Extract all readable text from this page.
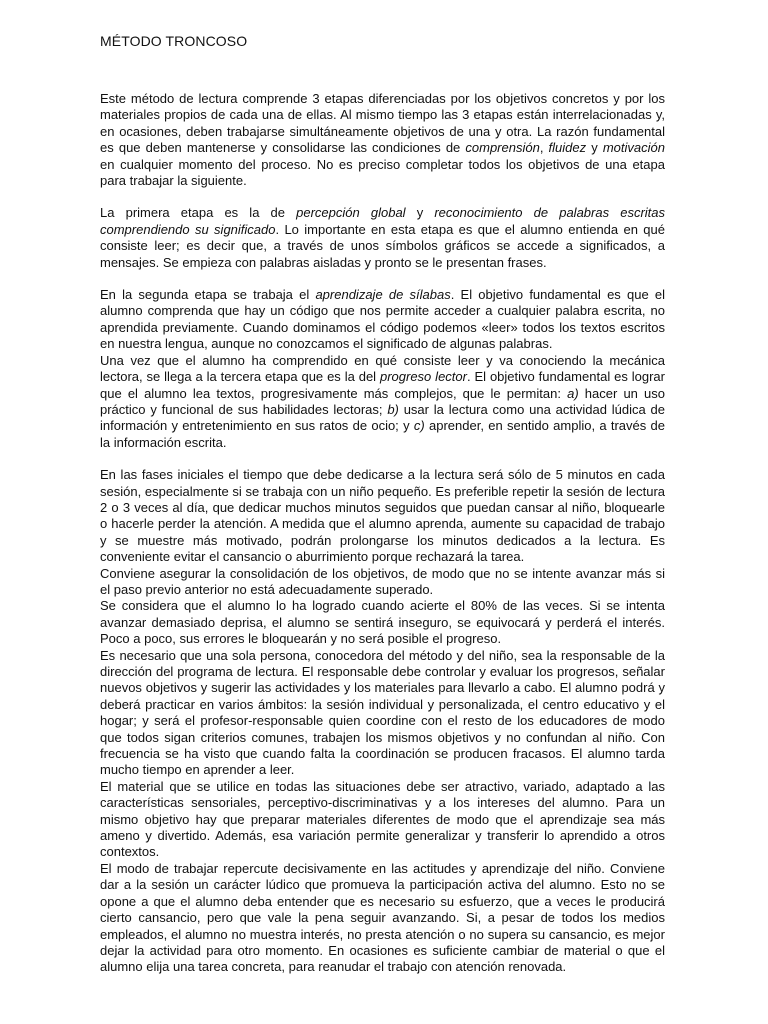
MÉTODO TRONCOSO

Este método de lectura comprende 3 etapas diferenciadas por los objetivos concretos y por los materiales propios de cada una de ellas. Al mismo tiempo las 3 etapas están interrelacionadas y, en ocasiones, deben trabajarse simultáneamente objetivos de una y otra. La razón fundamental es que deben mantenerse y consolidarse las condiciones de comprensión, fluidez y motivación en cualquier momento del proceso. No es preciso completar todos los objetivos de una etapa para trabajar la siguiente.

La primera etapa es la de percepción global y reconocimiento de palabras escritas comprendiendo su significado. Lo importante en esta etapa es que el alumno entienda en qué consiste leer; es decir que, a través de unos símbolos gráficos se accede a significados, a mensajes. Se empieza con palabras aisladas y pronto se le presentan frases.

En la segunda etapa se trabaja el aprendizaje de sílabas. El objetivo fundamental es que el alumno comprenda que hay un código que nos permite acceder a cualquier palabra escrita, no aprendida previamente. Cuando dominamos el código podemos «leer» todos los textos escritos en nuestra lengua, aunque no conozcamos el significado de algunas palabras.

Una vez que el alumno ha comprendido en qué consiste leer y va conociendo la mecánica lectora, se llega a la tercera etapa que es la del progreso lector. El objetivo fundamental es lograr que el alumno lea textos, progresivamente más complejos, que le permitan: a) hacer un uso práctico y funcional de sus habilidades lectoras; b) usar la lectura como una actividad lúdica de información y entretenimiento en sus ratos de ocio; y c) aprender, en sentido amplio, a través de la información escrita.

En las fases iniciales el tiempo que debe dedicarse a la lectura será sólo de 5 minutos en cada sesión, especialmente si se trabaja con un niño pequeño. Es preferible repetir la sesión de lectura 2 o 3 veces al día, que dedicar muchos minutos seguidos que puedan cansar al niño, bloquearle o hacerle perder la atención. A medida que el alumno aprenda, aumente su capacidad de trabajo y se muestre más motivado, podrán prolongarse los minutos dedicados a la lectura. Es conveniente evitar el cansancio o aburrimiento porque rechazará la tarea.

Conviene asegurar la consolidación de los objetivos, de modo que no se intente avanzar más si el paso previo anterior no está adecuadamente superado.

Se considera que el alumno lo ha logrado cuando acierte el 80% de las veces. Si se intenta avanzar demasiado deprisa, el alumno se sentirá inseguro, se equivocará y perderá el interés. Poco a poco, sus errores le bloquearán y no será posible el progreso.

Es necesario que una sola persona, conocedora del método y del niño, sea la responsable de la dirección del programa de lectura. El responsable debe controlar y evaluar los progresos, señalar nuevos objetivos y sugerir las actividades y los materiales para llevarlo a cabo. El alumno podrá y deberá practicar en varios ámbitos: la sesión individual y personalizada, el centro educativo y el hogar; y será el profesor-responsable quien coordine con el resto de los educadores de modo que todos sigan criterios comunes, trabajen los mismos objetivos y no confundan al niño. Con frecuencia se ha visto que cuando falta la coordinación se producen fracasos. El alumno tarda mucho tiempo en aprender a leer.

El material que se utilice en todas las situaciones debe ser atractivo, variado, adaptado a las características sensoriales, perceptivo-discriminativas y a los intereses del alumno. Para un mismo objetivo hay que preparar materiales diferentes de modo que el aprendizaje sea más ameno y divertido. Además, esa variación permite generalizar y transferir lo aprendido a otros contextos.

El modo de trabajar repercute decisivamente en las actitudes y aprendizaje del niño. Conviene dar a la sesión un carácter lúdico que promueva la participación activa del alumno. Esto no se opone a que el alumno deba entender que es necesario su esfuerzo, que a veces le producirá cierto cansancio, pero que vale la pena seguir avanzando. Si, a pesar de todos los medios empleados, el alumno no muestra interés, no presta atención o no supera su cansancio, es mejor dejar la actividad para otro momento. En ocasiones es suficiente cambiar de material o que el alumno elija una tarea concreta, para reanudar el trabajo con atención renovada.
